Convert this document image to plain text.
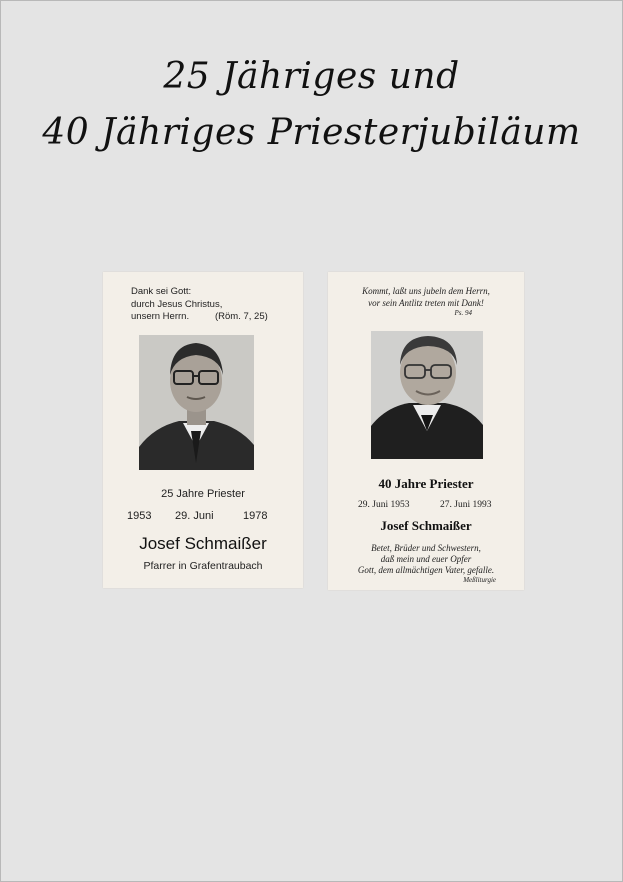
25 Jähriges und
40 Jähriges Priesterjubiläum
Dank sei Gott:
durch Jesus Christus,
unsern Herrn.	(Röm. 7, 25)
25 Jahre Priester
1953 29. Juni	1978
Josef Schmaißer
Pfarrer in Grafentraubach
Kommt, laßt uns jubeln dem Herrn,
vor sein Antlitz treten mit Dank!
Ps. 94
40 Jahre Priester
29. Juni 1953	27. Juni 1993
Josef Schmaißer
Betet, Brüder und Schwestern,
daß mein und euer Opfer
Gott, dem allmächtigen Vater, gefalle.
Meßliturgie
